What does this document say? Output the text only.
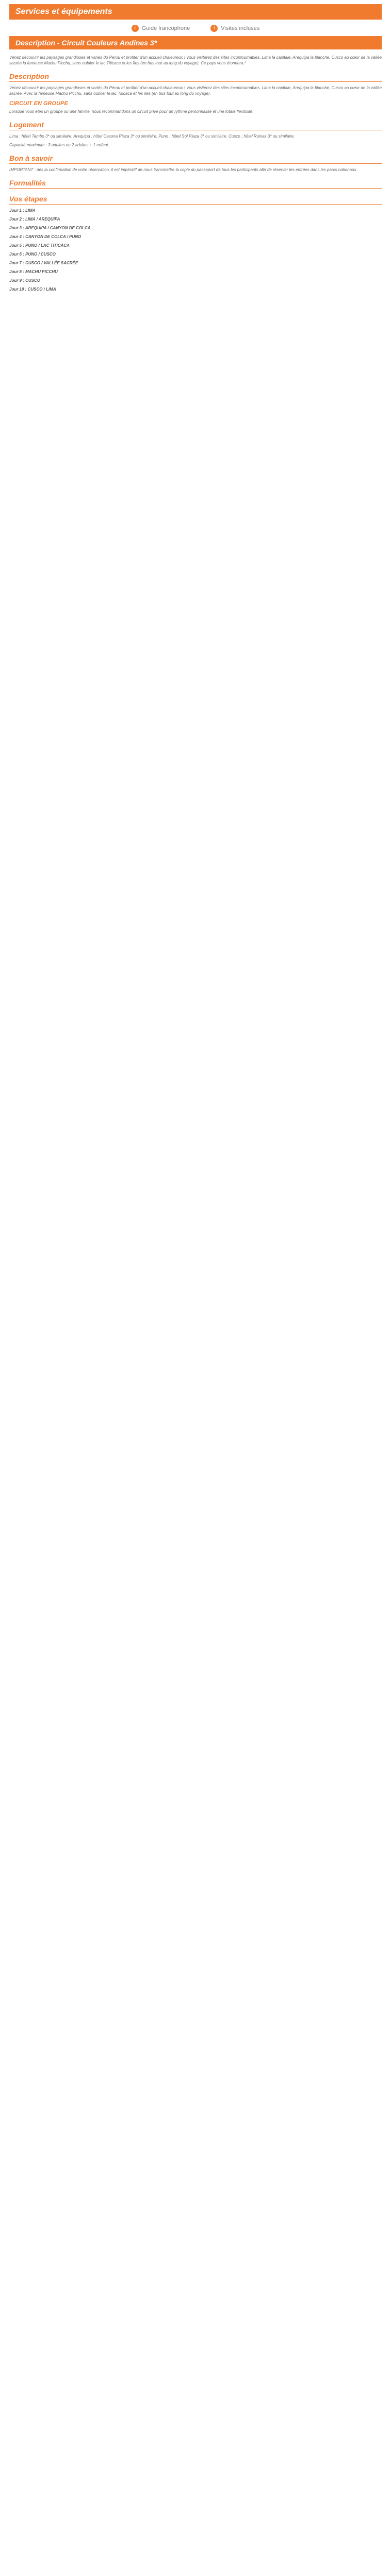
Services et équipements
i	Guide francophone	i	Visites incluses
Description - Circuit Couleurs Andines 3*

Venez découvrir les paysages grandioses et variés du Pérou et profiter d'un accueil chaleureux ! Vous visiterez des sites incontournables, Lima la capitale, Arequipa la blanche, Cusco au cœur de la vallée sacrée la fameuse Machu Picchu, sans oublier le lac Titicaca et les îles (en bus tout au long du voyage). Ce pays vous étonnera !

Description

Venez découvrir les paysages grandioses et variés du Pérou et profiter d'un accueil chaleureux ! Vous visiterez des sites incontournables. Lima la capitale, Arequipa la blanche, Cusco au cœur de la vallée sacrée. Avec la fameuse Machu Picchu, sans oublier le lac Titicaca et les îles (en bus tout au long du voyage).

CIRCUIT EN GROUPE

Lorsque vous êtes un groupe ou une famille, nous recommandons un circuit privé pour un rythme personnalisé et une totale flexibilité.

Logement

Lima : hôtel Tambo 3* ou similaire. Arequipa : hôtel Casona Plaza 3* ou similaire. Puno : hôtel Sol Plaza 3* ou similaire. Cusco : hôtel Ruinas 3* ou similaire.

Capacité maximum : 3 adultes ou 2 adultes + 1 enfant.

Bon à savoir

IMPORTANT : dès la confirmation de votre réservation, il est impératif de nous transmettre la copie du passeport de tous les participants afin de réserver les entrées dans les parcs nationaux.

Formalités
Vos étapes
Jour 1 : LIMA
Jour 2 : LIMA / AREQUIPA
Jour 3 : AREQUIPA / CANYON DE COLCA
Jour 4 : CANYON DE COLCA / PUNO
Jour 5 : PUNO / LAC TITICACA
Jour 6 : PUNO / CUSCO
Jour 7 : CUSCO / VALLÉE SACRÉE
Jour 8 : MACHU PICCHU
Jour 9 : CUSCO
Jour 10 : CUSCO / LIMA
